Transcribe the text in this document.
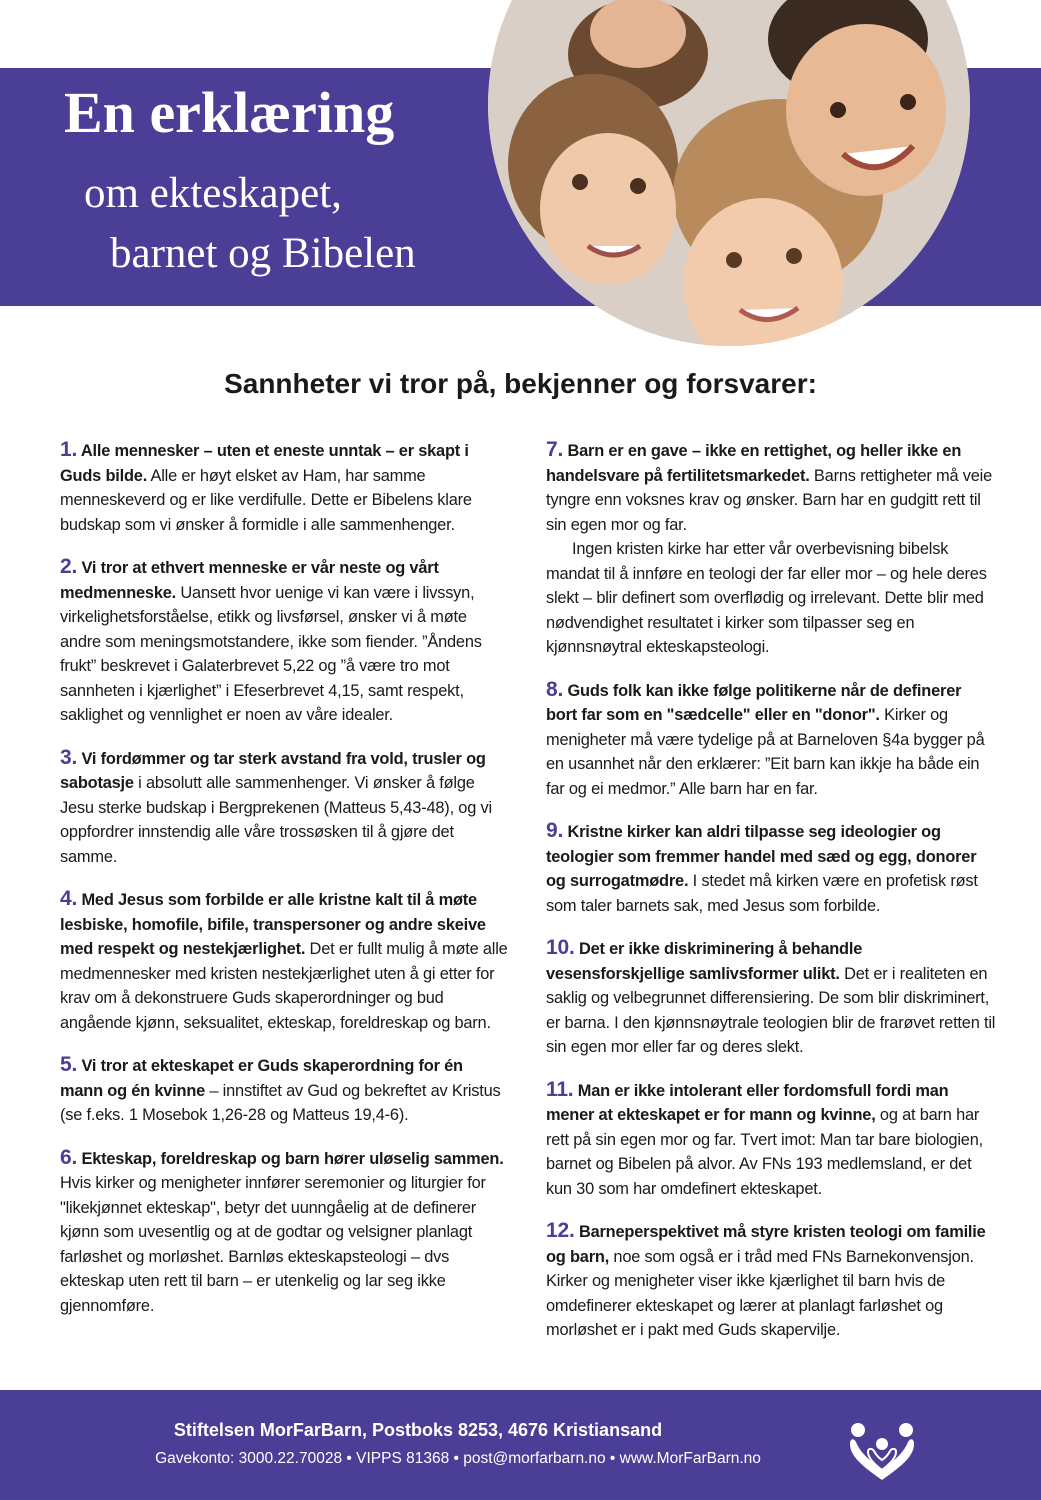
En erklæring
om ekteskapet,
barnet og Bibelen
Sannheter vi tror på, bekjenner og forsvarer:

1. Alle mennesker – uten et eneste unntak – er skapt i Guds bilde. Alle er høyt elsket av Ham, har samme menneskeverd og er like verdifulle. Dette er Bibelens klare budskap som vi ønsker å formidle i alle sammenhenger.

2. Vi tror at ethvert menneske er vår neste og vårt medmenneske. Uansett hvor uenige vi kan være i livssyn, virkelighetsforståelse, etikk og livsførsel, ønsker vi å møte andre som meningsmotstandere, ikke som fiender. ”Åndens frukt” beskrevet i Galaterbrevet 5,22 og ”å være tro mot sannheten i kjærlighet” i Efeserbrevet 4,15, samt respekt, saklighet og vennlighet er noen av våre idealer.

3. Vi fordømmer og tar sterk avstand fra vold, trusler og sabotasje i absolutt alle sammenhenger. Vi ønsker å følge Jesu sterke budskap i Bergprekenen (Matteus 5,43-48), og vi oppfordrer innstendig alle våre trossøsken til å gjøre det samme.

4. Med Jesus som forbilde er alle kristne kalt til å møte lesbiske, homofile, bifile, transpersoner og andre skeive med respekt og nestekjærlighet. Det er fullt mulig å møte alle medmennesker med kristen nestekjærlighet uten å gi etter for krav om å dekonstruere Guds skaperordninger og bud angående kjønn, seksualitet, ekteskap, foreldreskap og barn.

5. Vi tror at ekteskapet er Guds skaperordning for én mann og én kvinne – innstiftet av Gud og bekreftet av Kristus (se f.eks. 1 Mosebok 1,26-28 og Matteus 19,4-6).

6. Ekteskap, foreldreskap og barn hører uløselig sammen. Hvis kirker og menigheter innfører seremonier og liturgier for "likekjønnet ekteskap", betyr det uunngåelig at de definerer kjønn som uvesentlig og at de godtar og velsigner planlagt farløshet og morløshet. Barnløs ekteskapsteologi – dvs ekteskap uten rett til barn – er utenkelig og lar seg ikke gjennomføre.

7. Barn er en gave – ikke en rettighet, og heller ikke en handelsvare på fertilitetsmarkedet. Barns rettigheter må veie tyngre enn voksnes krav og ønsker. Barn har en gudgitt rett til sin egen mor og far.
Ingen kristen kirke har etter vår overbevisning bibelsk mandat til å innføre en teologi der far eller mor – og hele deres slekt – blir definert som overflødig og irrelevant. Dette blir med nødvendighet resultatet i kirker som tilpasser seg en kjønnsnøytral ekteskapsteologi.

8. Guds folk kan ikke følge politikerne når de definerer bort far som en "sædcelle" eller en "donor". Kirker og menigheter må være tydelige på at Barneloven §4a bygger på en usannhet når den erklærer: ”Eit barn kan ikkje ha både ein far og ei medmor.” Alle barn har en far.

9. Kristne kirker kan aldri tilpasse seg ideologier og teologier som fremmer handel med sæd og egg, donorer og surrogatmødre. I stedet må kirken være en profetisk røst som taler barnets sak, med Jesus som forbilde.

10. Det er ikke diskriminering å behandle vesensforskjellige samlivsformer ulikt. Det er i realiteten en saklig og velbegrunnet differensiering. De som blir diskriminert, er barna. I den kjønnsnøytrale teologien blir de frarøvet retten til sin egen mor eller far og deres slekt.

11. Man er ikke intolerant eller fordomsfull fordi man mener at ekteskapet er for mann og kvinne, og at barn har rett på sin egen mor og far. Tvert imot: Man tar bare biologien, barnet og Bibelen på alvor. Av FNs 193 medlemsland, er det kun 30 som har omdefinert ekteskapet.

12. Barneperspektivet må styre kristen teologi om familie og barn, noe som også er i tråd med FNs Barnekonvensjon. Kirker og menigheter viser ikke kjærlighet til barn hvis de omdefinerer ekteskapet og lærer at planlagt farløshet og morløshet er i pakt med Guds skapervilje.

Stiftelsen MorFarBarn, Postboks 8253, 4676 Kristiansand
Gavekonto: 3000.22.70028 • VIPPS 81368 • post@morfarbarn.no • www.MorFarBarn.no
